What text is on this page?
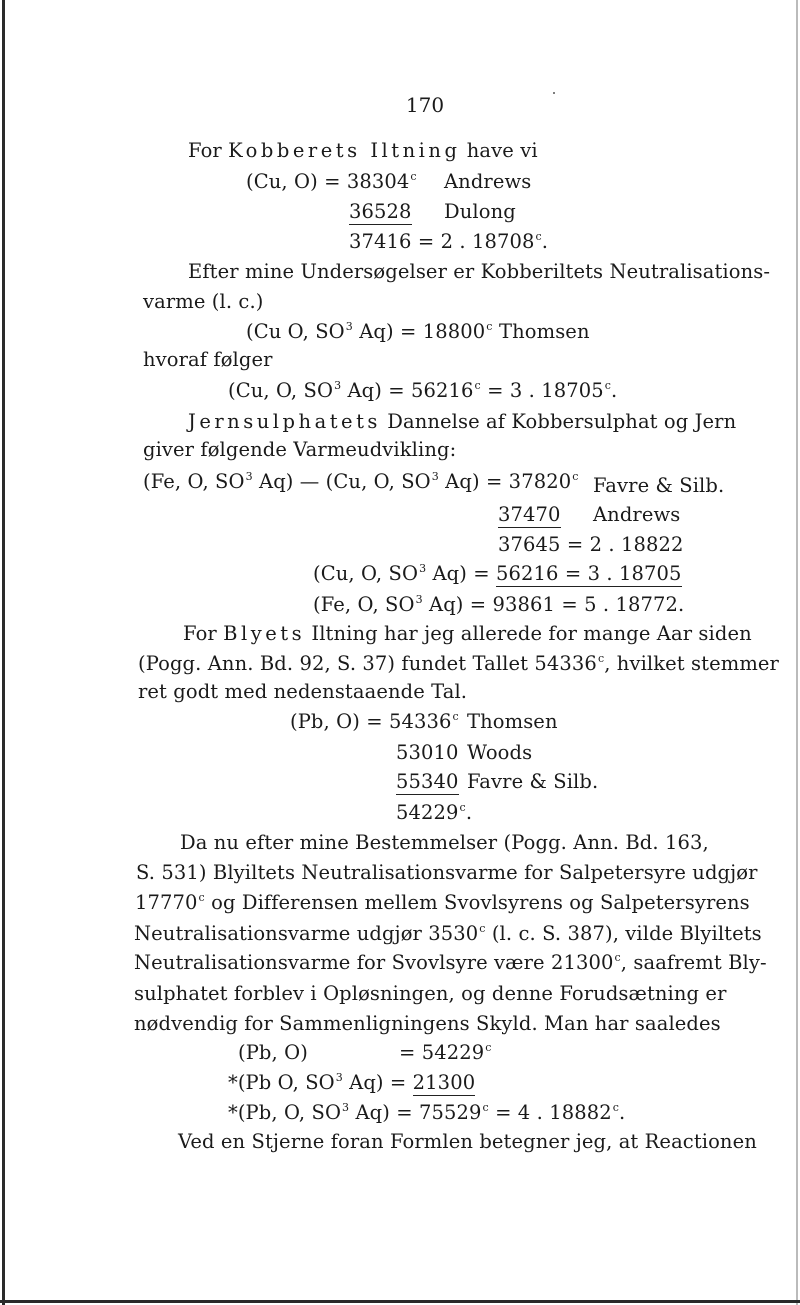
170
For Kobberets Iltning have vi
(Cu, $O) = 38304^c$ Andrews
36528 Dulong
37416 = 2 . 18708$^c$.
Efter mine Undersøgelser er Kobberiltets Neutralisations-
varme (l. c.)
(Cu O, $SO^3$ $Aq) = 18800^c$ Thomsen
hvoraf følger
(Cu, O, $SO^3$ $Aq) = 56216^c = 3$ . 18705$^c$.
Jernsulphatets Dannelse af Kobbersulphat og Jern
giver følgende Varmeudvikling:
(Fe, O, $SO^3$ Aq) — (Cu, O, $SO^3$ $Aq) = 37820^c$ Favre & Silb.
37470 Andrews
37645 = 2 . 18822
(Cu, O, $SO^3$ Aq) = 56216 = 3 . 18705
(Fe, O, $SO^3$ Aq) = 93861 = 5 . 18772.
For Blyets Iltning har jeg allerede for mange Aar siden
(Pogg. Ann. Bd. 92, S. 37) fundet Tallet 54336$^c$, hvilket stemmer
ret godt med nedenstaaende Tal.
(Pb, $O) = 54336^c$ Thomsen
53010 Woods
55340 Favre & Silb.
54229$^c$.
Da nu efter mine Bestemmelser (Pogg. Ann. Bd. 163,
S. 531) Blyiltets Neutralisationsvarme for Salpetersyre udgjør
17770$^c$ og Differensen mellem Svovlsyrens og Salpetersyrens
Neutralisationsvarme udgjør 3530$^c$ (l. c. S. 387), vilde Blyiltets
Neutralisationsvarme for Svovlsyre være 21300$^c$, saafremt Bly-
sulphatet forblev i Opløsningen, og denne Forudsætning er
nødvendig for Sammenligningens Skyld. Man har saaledes
(Pb, O)	= $54229^c$
*(Pb O, $SO^3$ Aq) = 21300
*(Pb, O, $SO^3$ $Aq) = 75529^c = 4$ . 18882$^c$.
Ved en Stjerne foran Formlen betegner jeg, at Reactionen
